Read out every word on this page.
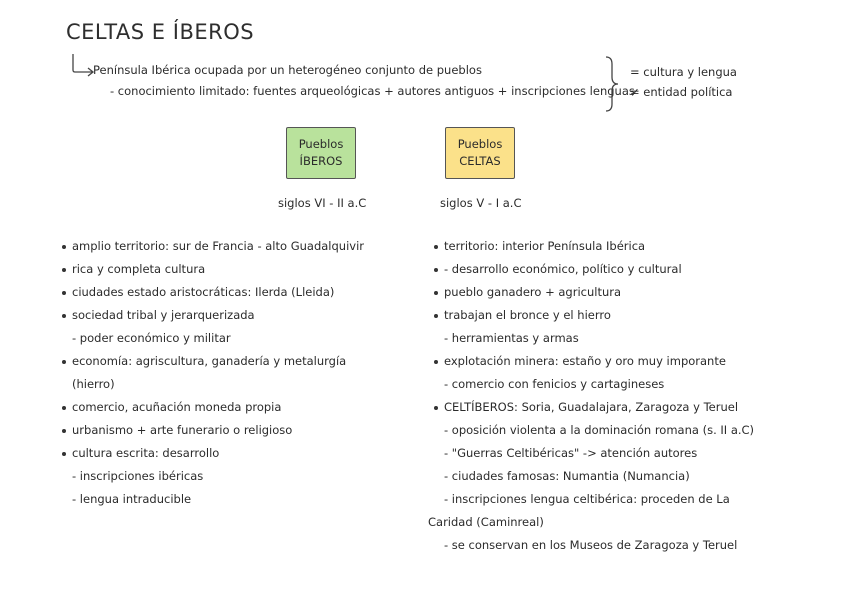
CELTAS E ÍBEROS
Península Ibérica ocupada por un heterogéneo conjunto de pueblos
- conocimiento limitado: fuentes arqueológicas + autores antiguos + inscripciones lenguas
= cultura y lengua
≠ entidad política
Pueblos
ÍBEROS
Pueblos
CELTAS
siglos VI - II a.C	siglos V - I a.C
amplio territorio: sur de Francia - alto Guadalquivir
rica y completa cultura
ciudades estado aristocráticas: Ilerda (Lleida)
sociedad tribal y jerarquerizada
- poder económico y militar
economía: agriscultura, ganadería y metalurgía
(hierro)
comercio, acuñación moneda propia
urbanismo + arte funerario o religioso
cultura escrita: desarrollo
- inscripciones ibéricas
- lengua intraducible
territorio: interior Península Ibérica
- desarrollo económico, político y cultural
pueblo ganadero + agricultura
trabajan el bronce y el hierro
- herramientas y armas
explotación minera: estaño y oro muy imporante
- comercio con fenicios y cartagineses
CELTÍBEROS: Soria, Guadalajara, Zaragoza y Teruel
- oposición violenta a la dominación romana (s. II a.C)
- "Guerras Celtibéricas" -> atención autores
- ciudades famosas: Numantia (Numancia)
- inscripciones lengua celtibérica: proceden de La
Caridad (Caminreal)
- se conservan en los Museos de Zaragoza y Teruel
